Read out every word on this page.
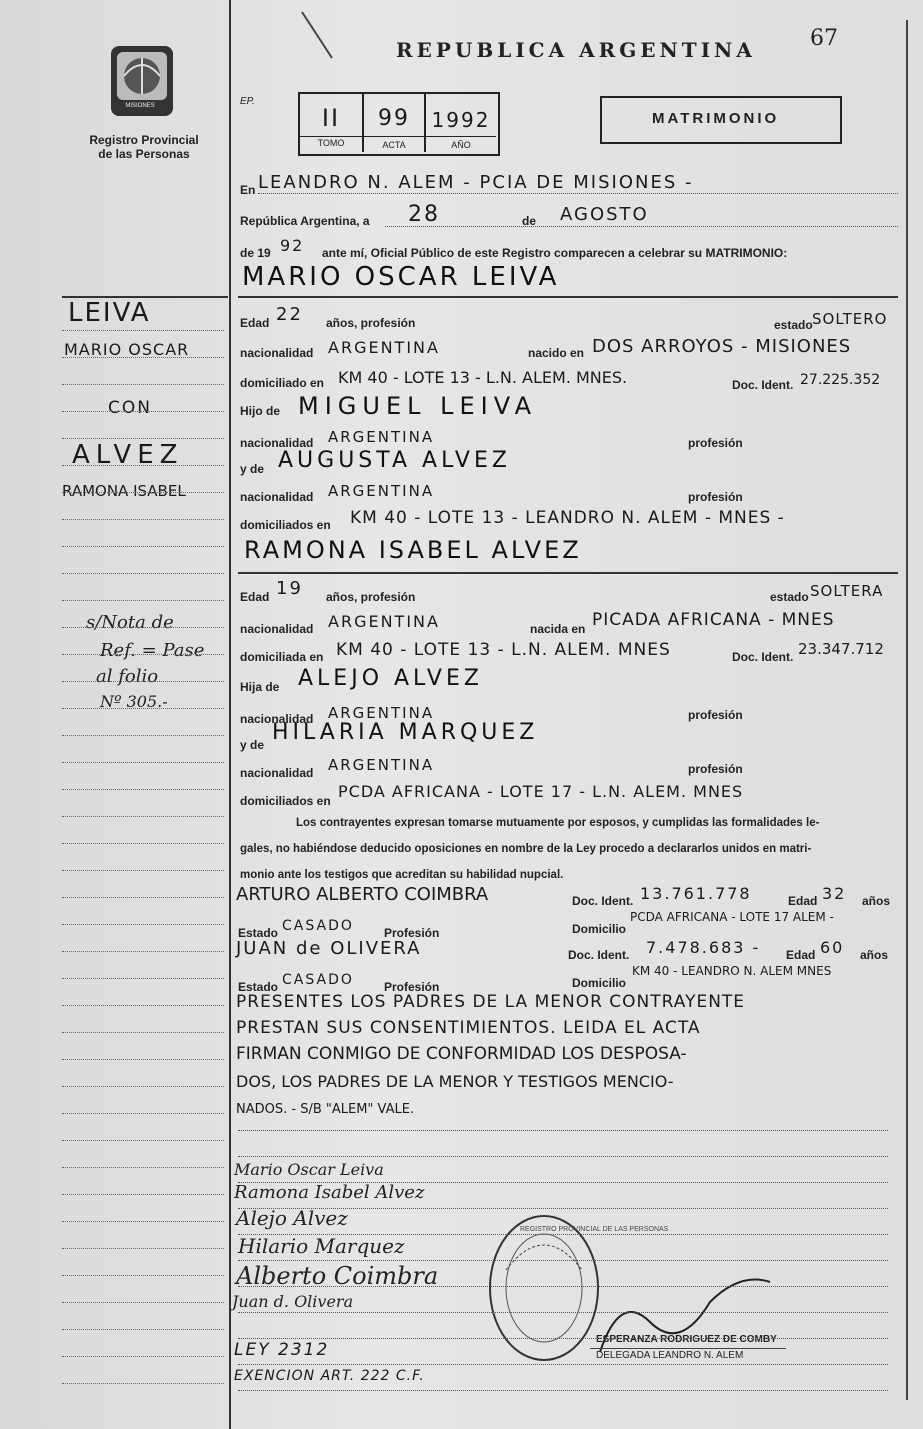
MISIONES
Registro Provincial
de las Personas
REPUBLICA ARGENTINA 67
EP.
II	99	1992
TOMO	ACTA	AÑO
MATRIMONIO
LEIVA
MARIO OSCAR
CON
ALVEZ
RAMONA ISABEL
s/Nota de
Ref. = Pase
al folio
Nº 305.-
En LEANDRO N. ALEM - PCIA DE MISIONES -
República Argentina, a 28	de AGOSTO
de 19 92 ante mí, Oficial Público de este Registro comparecen a celebrar su MATRIMONIO:
MARIO OSCAR LEIVA
Edad 22 años, profesión	estado SOLTERO
nacionalidad ARGENTINA	nacido en DOS ARROYOS - MISIONES
domiciliado en KM 40 - LOTE 13 - L.N. ALEM. MNES.	Doc. Ident. 27.225.352
Hijo de MIGUEL LEIVA
nacionalidad ARGENTINA	profesión
y de AUGUSTA ALVEZ
nacionalidad ARGENTINA	profesión
domiciliados en KM 40 - LOTE 13 - LEANDRO N. ALEM - MNES -
RAMONA ISABEL ALVEZ
Edad 19 años, profesión	estado SOLTERA
nacionalidad ARGENTINA	nacida en PICADA AFRICANA - MNES
domiciliada en KM 40 - LOTE 13 - L.N. ALEM. MNES	Doc. Ident. 23.347.712
Hija de ALEJO ALVEZ
nacionalidad ARGENTINA	profesión
y de HILARIA MARQUEZ
nacionalidad ARGENTINA	profesión
domiciliados en PCDA AFRICANA - LOTE 17 - L.N. ALEM. MNES
Los contrayentes expresan tomarse mutuamente por esposos, y cumplidas las formalidades le-
gales, no habiéndose deducido oposiciones en nombre de la Ley procedo a declararlos unidos en matri-
monio ante los testigos que acreditan su habilidad nupcial.
ARTURO ALBERTO COIMBRA	Doc. Ident. 13.761.778	Edad 32 años
Estado CASADO	Profesión	Domicilio
PCDA AFRICANA - LOTE 17 ALEM -
JUAN de OLIVERA	Doc. Ident. 7.478.683 - Edad 60 años
Estado CASADO	Profesión	Domicilio
KM 40 - LEANDRO N. ALEM MNES
PRESENTES LOS PADRES DE LA MENOR CONTRAYENTE
PRESTAN SUS CONSENTIMIENTOS. LEIDA EL ACTA
FIRMAN CONMIGO DE CONFORMIDAD LOS DESPOSA-
DOS, LOS PADRES DE LA MENOR Y TESTIGOS MENCIO-
NADOS. - S/B "ALEM" VALE.
Mario Oscar Leiva
Ramona Isabel Alvez
Alejo Alvez
Hilario Marquez
Alberto Coimbra
Juan d. Olivera
REGISTRO PROVINCIAL DE LAS PERSONAS
ESPERANZA RODRIGUEZ DE COMBY
DELEGADA LEANDRO N. ALEM
LEY 2312
EXENCION ART. 222 C.F.
